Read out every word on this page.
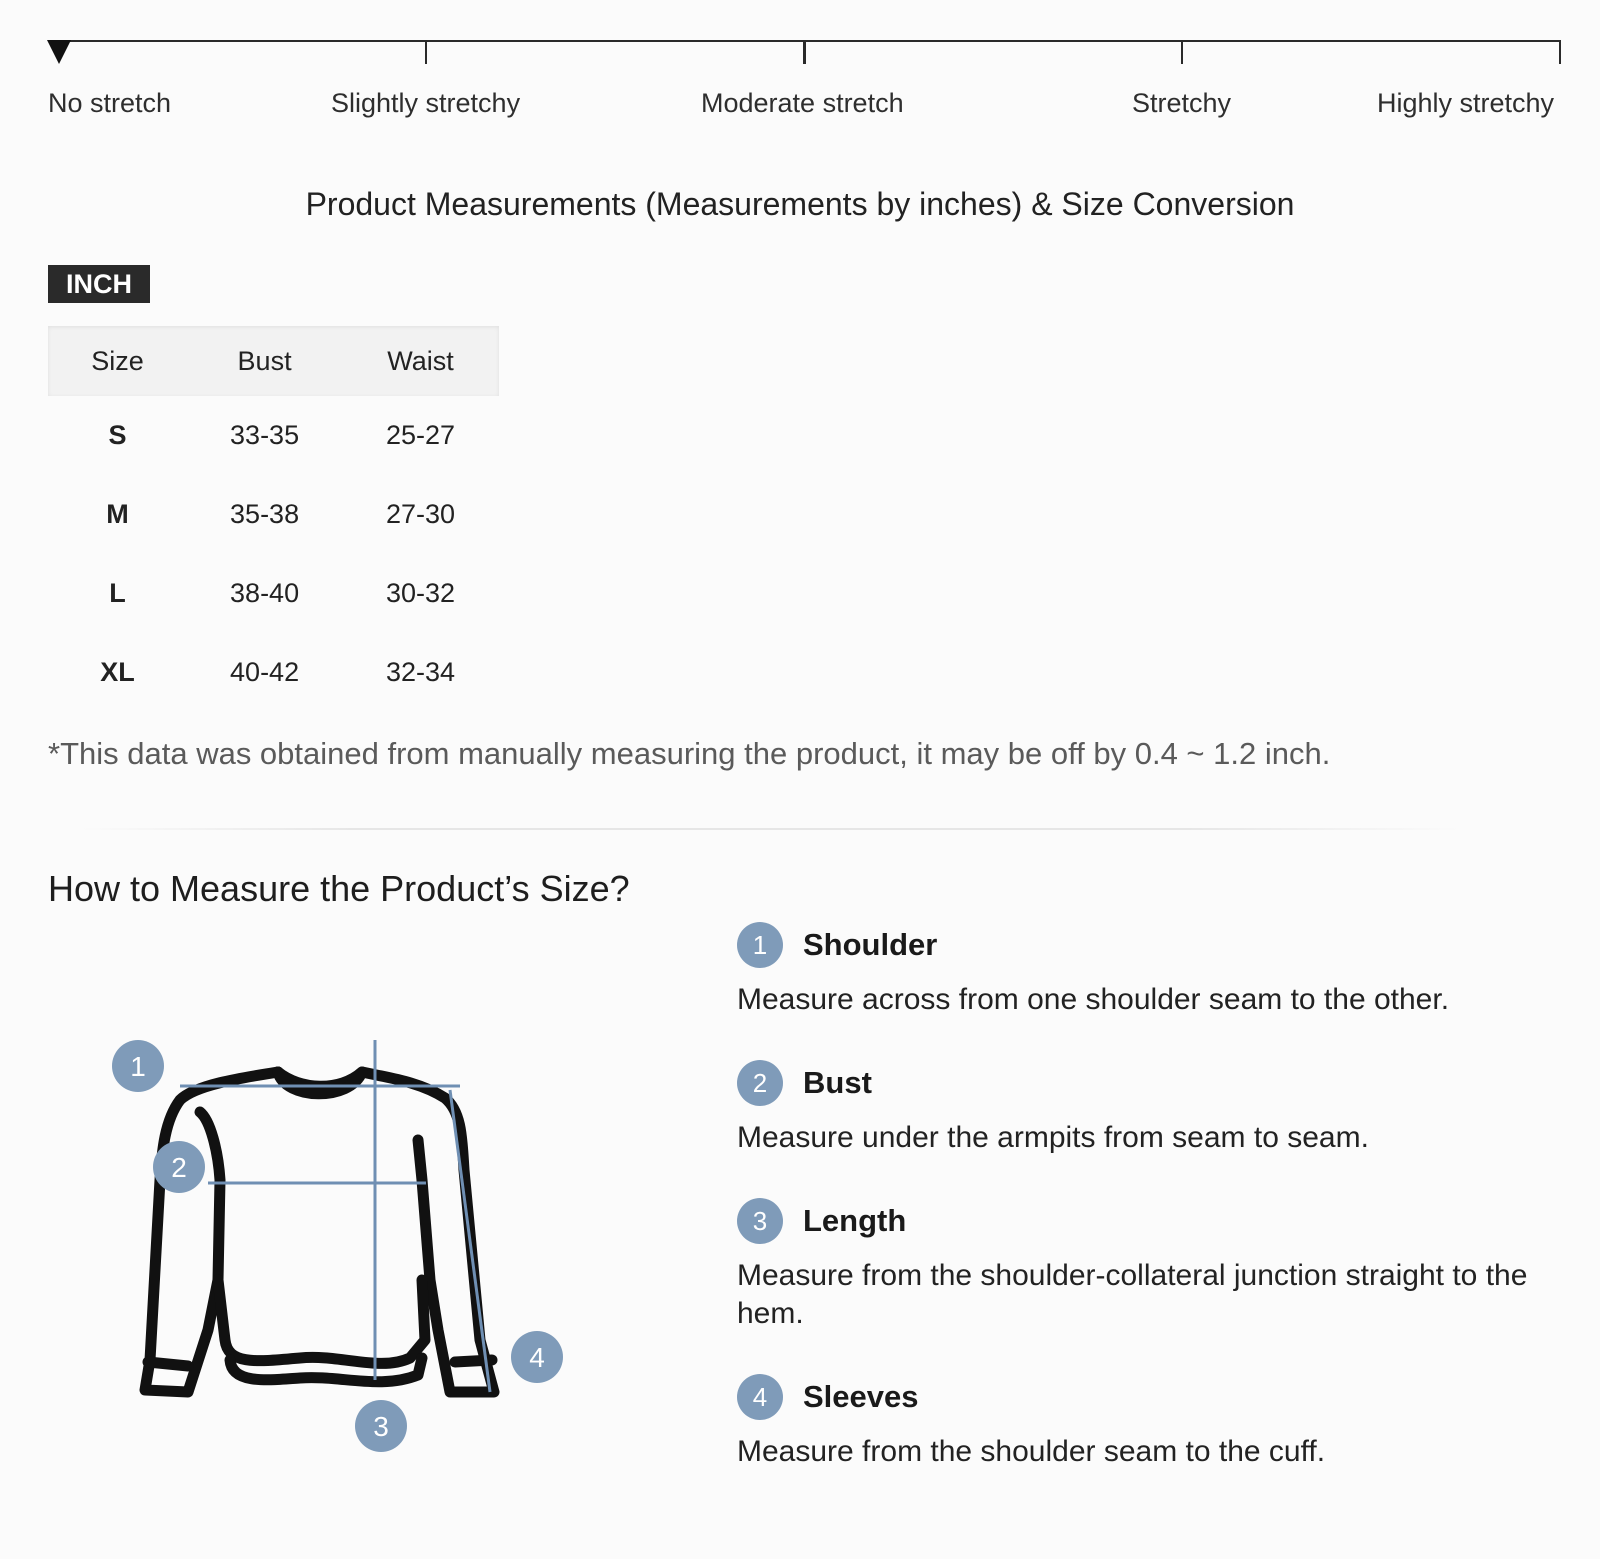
No stretch	Slightly stretchy	Moderate stretch	Stretchy	Highly stretchy
Product Measurements (Measurements by inches) & Size Conversion
INCH
Size	Bust	Waist
S	33-35	25-27
M	35-38	27-30
L	38-40	30-32
XL	40-42	32-34
*This data was obtained from manually measuring the product, it may be off by 0.4 ~ 1.2 inch.
How to Measure the Product’s Size?
1
2
3
4
1	Shoulder
Measure across from one shoulder seam to the other.
2	Bust
Measure under the armpits from seam to seam.
3	Length
Measure from the shoulder-collateral junction straight to the hem.
4	Sleeves
Measure from the shoulder seam to the cuff.
